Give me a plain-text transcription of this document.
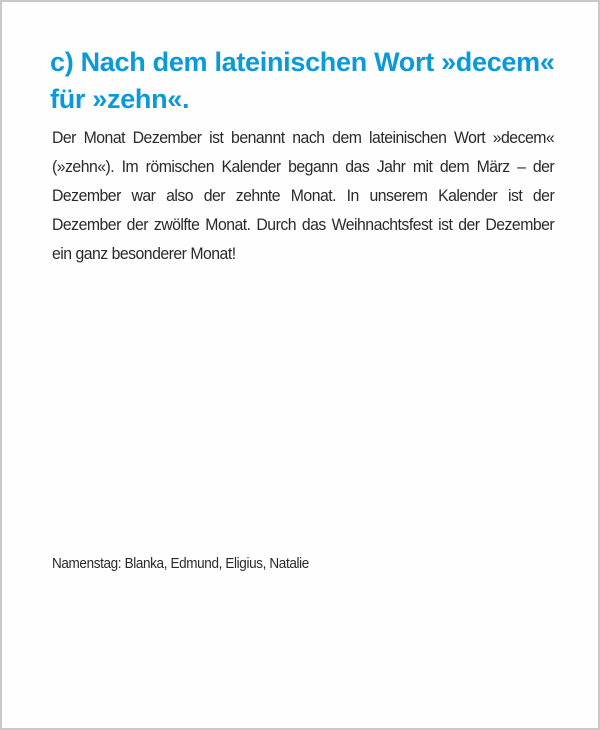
c) Nach dem lateinischen Wort »decem« für »zehn«.

Der Monat Dezember ist benannt nach dem lateinischen Wort »decem« (»zehn«). Im römischen Kalender begann das Jahr mit dem März – der Dezember war also der zehnte Monat. In unserem Kalender ist der Dezember der zwölfte Monat. Durch das Weihnachtsfest ist der Dezember ein ganz besonderer Monat!

Namenstag: Blanka, Edmund, Eligius, Natalie
